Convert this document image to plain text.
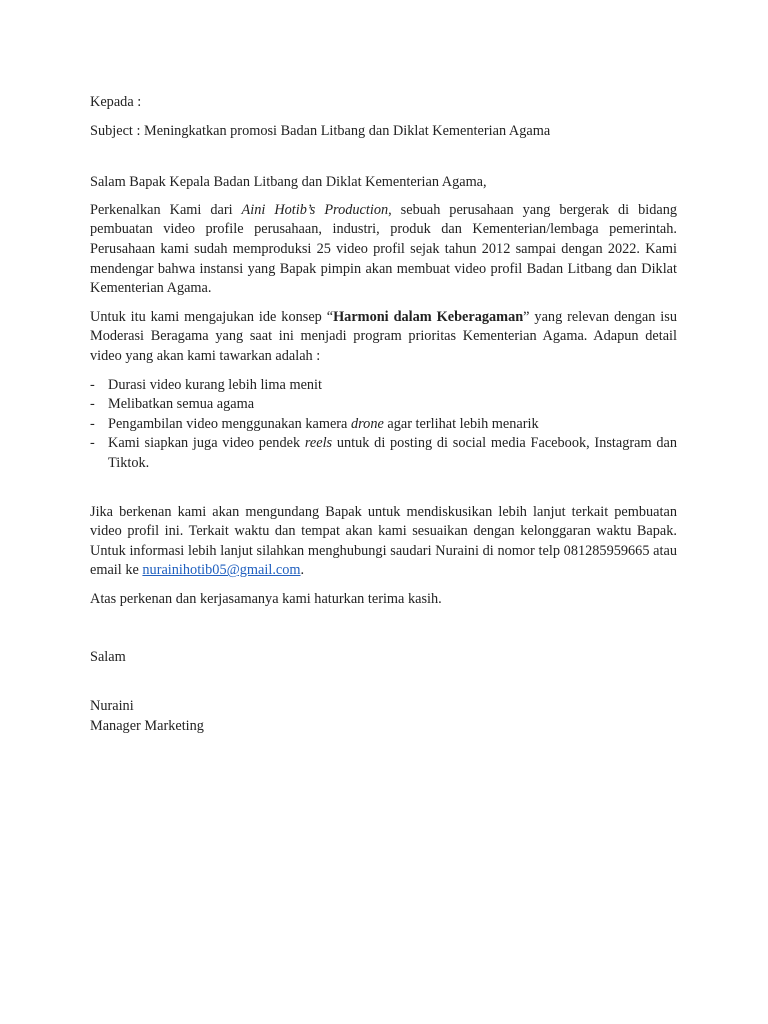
Kepada :

Subject : Meningkatkan promosi Badan Litbang dan Diklat Kementerian Agama

Salam Bapak Kepala Badan Litbang dan Diklat Kementerian Agama,

Perkenalkan Kami dari Aini Hotib’s Production, sebuah perusahaan yang bergerak di bidang pembuatan video profile perusahaan, industri, produk dan Kementerian/lembaga pemerintah. Perusahaan kami sudah memproduksi 25 video profil sejak tahun 2012 sampai dengan 2022. Kami mendengar bahwa instansi yang Bapak pimpin akan membuat video profil Badan Litbang dan Diklat Kementerian Agama.

Untuk itu kami mengajukan ide konsep “Harmoni dalam Keberagaman” yang relevan dengan isu Moderasi Beragama yang saat ini menjadi program prioritas Kementerian Agama. Adapun detail video yang akan kami tawarkan adalah :

- Durasi video kurang lebih lima menit
- Melibatkan semua agama
- Pengambilan video menggunakan kamera drone agar terlihat lebih menarik
- Kami siapkan juga video pendek reels untuk di posting di social media Facebook, Instagram dan Tiktok.

Jika berkenan kami akan mengundang Bapak untuk mendiskusikan lebih lanjut terkait pembuatan video profil ini. Terkait waktu dan tempat akan kami sesuaikan dengan kelonggaran waktu Bapak. Untuk informasi lebih lanjut silahkan menghubungi saudari Nuraini di nomor telp 081285959665 atau email ke nurainihotib05@gmail.com.

Atas perkenan dan kerjasamanya kami haturkan terima kasih.

Salam

Nuraini

Manager Marketing
